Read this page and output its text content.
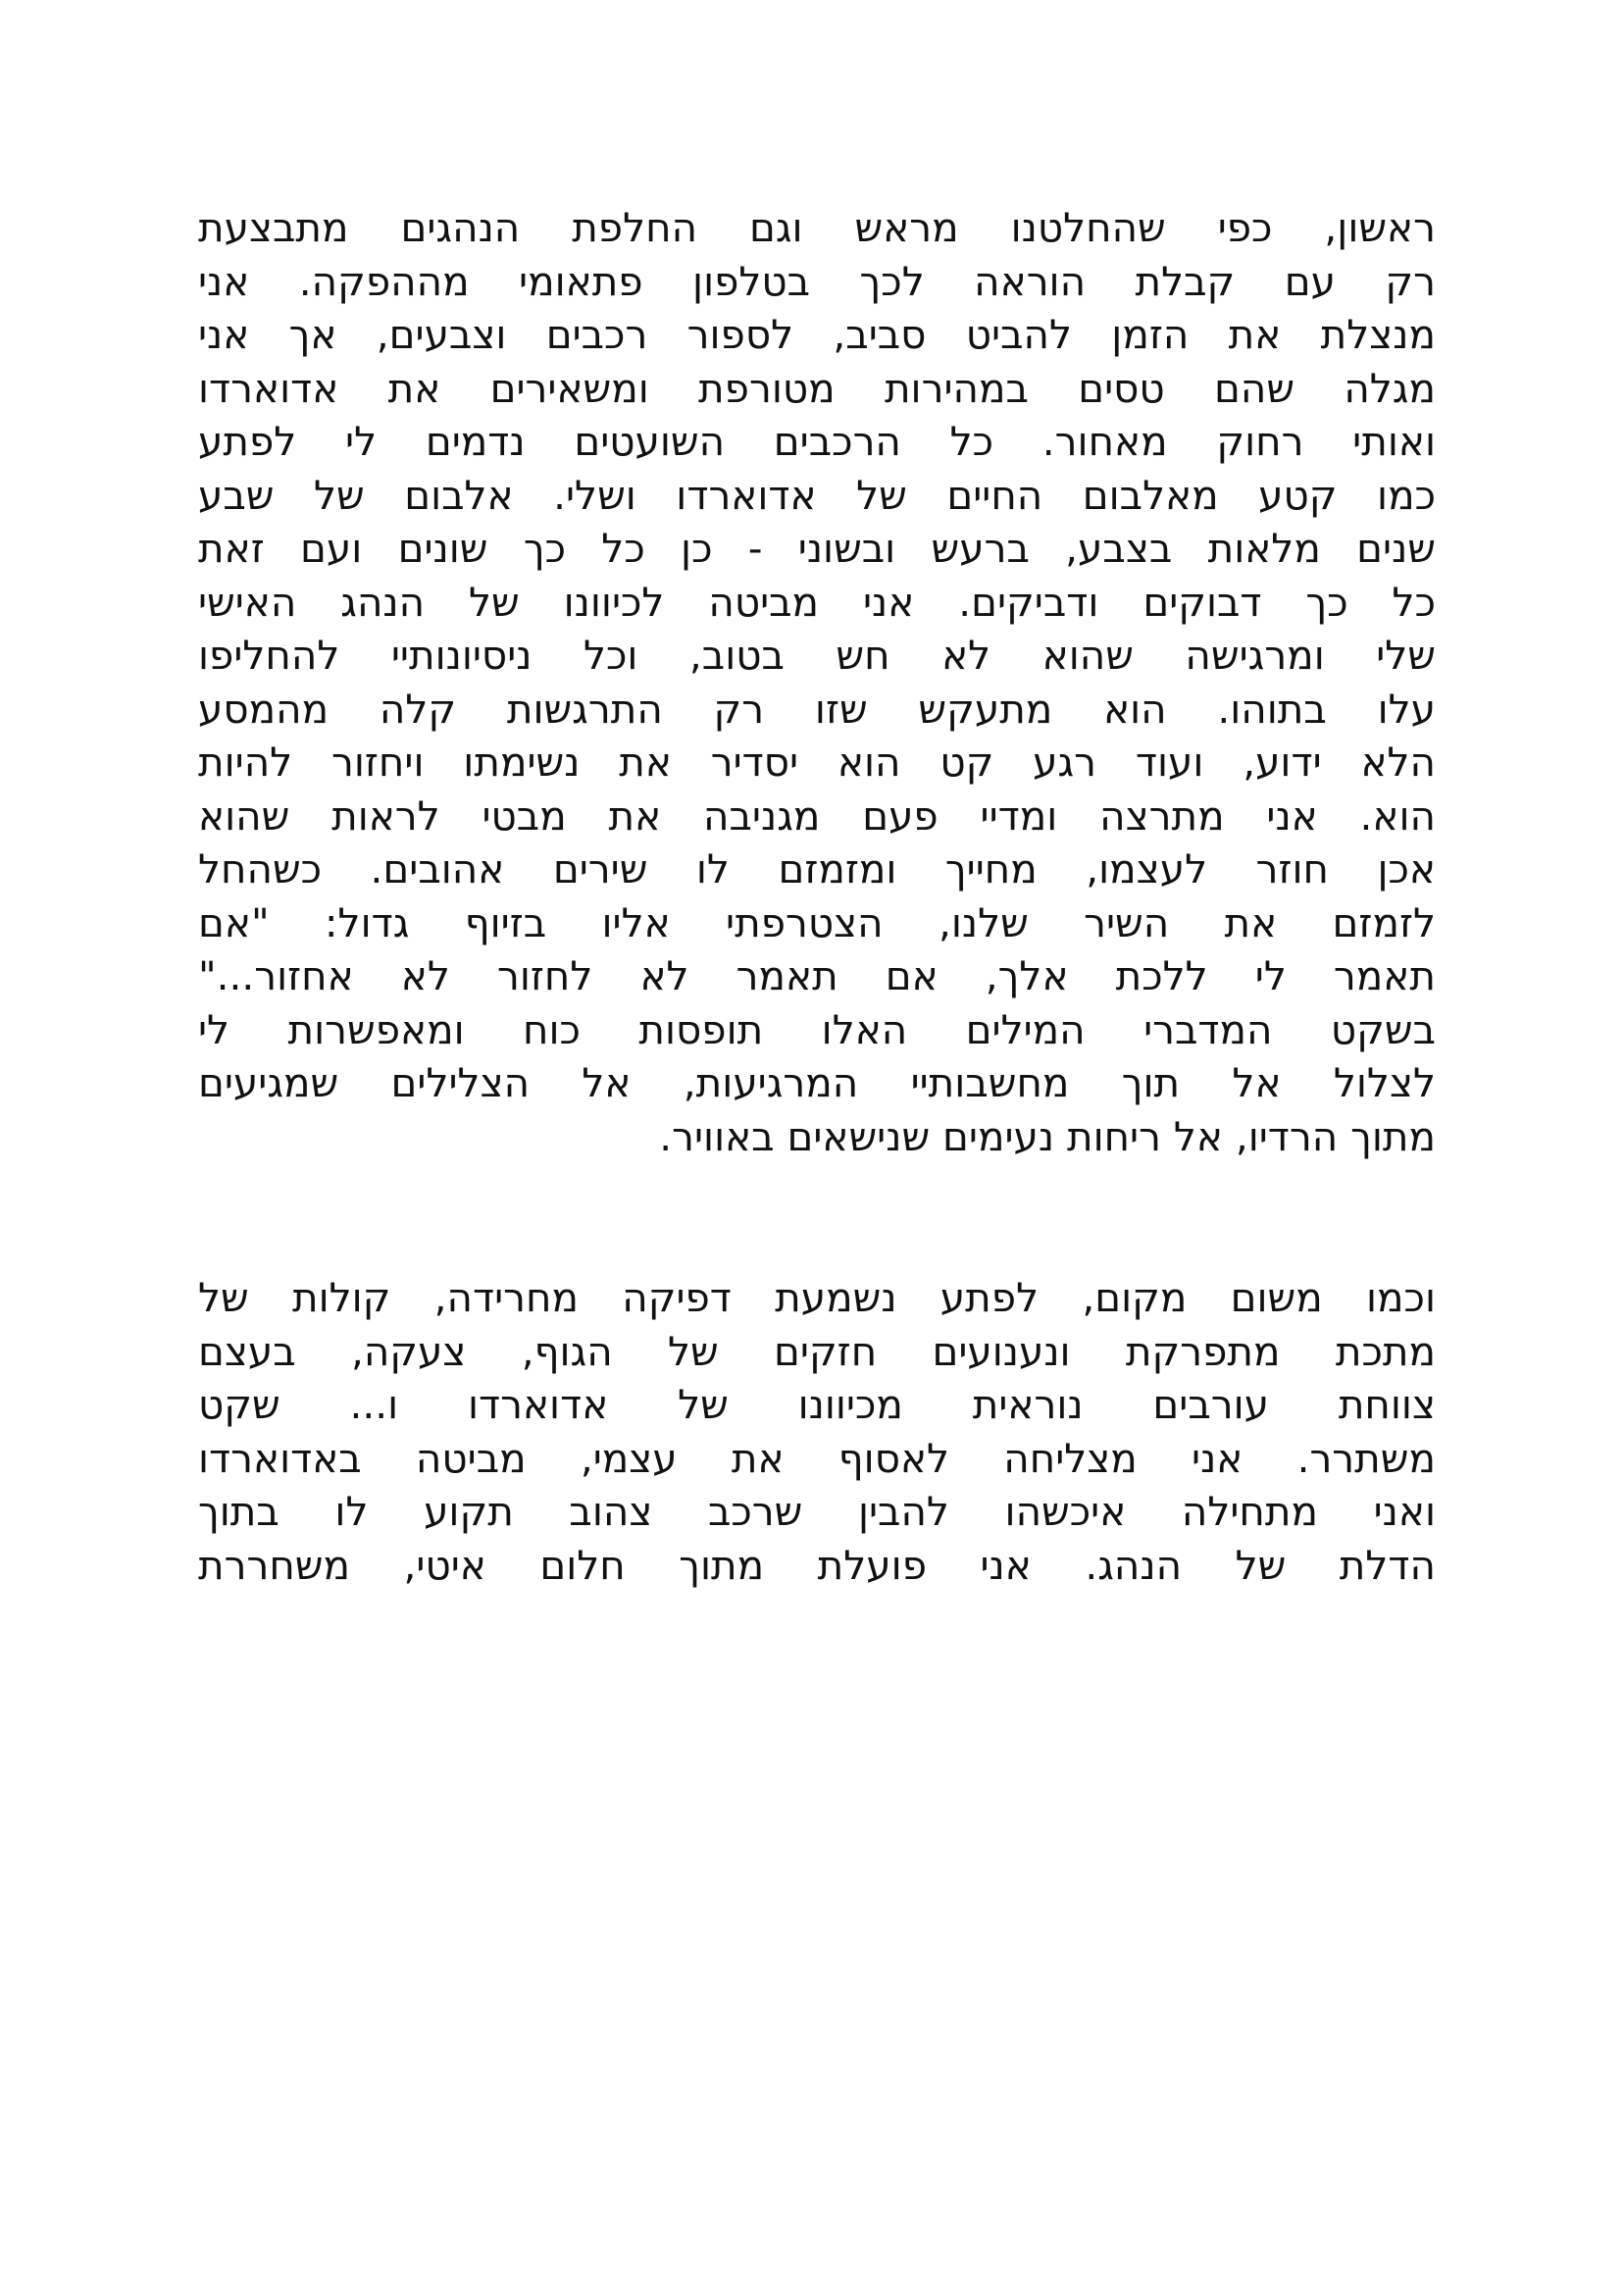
ראשון, כפי שהחלטנו מראש וגם החלפת הנהגים מתבצעת
רק עם קבלת הוראה לכך בטלפון פתאומי מההפקה. אני
מנצלת את הזמן להביט סביב, לספור רכבים וצבעים, אך אני
מגלה שהם טסים במהירות מטורפת ומשאירים את אדוארדו
ואותי רחוק מאחור. כל הרכבים השועטים נדמים לי לפתע
כמו קטע מאלבום החיים של אדוארדו ושלי. אלבום של שבע
שנים מלאות בצבע, ברעש ובשוני - כן כל כך שונים ועם זאת
כל כך דבוקים ודביקים. אני מביטה לכיוונו של הנהג האישי
שלי ומרגישה שהוא לא חש בטוב, וכל ניסיונותיי להחליפו
עלו בתוהו. הוא מתעקש שזו רק התרגשות קלה מהמסע
הלא ידוע, ועוד רגע קט הוא יסדיר את נשימתו ויחזור להיות
הוא. אני מתרצה ומדיי פעם מגניבה את מבטי לראות שהוא
אכן חוזר לעצמו, מחייך ומזמזם לו שירים אהובים. כשהחל
לזמזם את השיר שלנו, הצטרפתי אליו בזיוף גדול: "אם
תאמר לי ללכת אלך, אם תאמר לא לחזור לא אחזור..."
בשקט המדברי המילים האלו תופסות כוח ומאפשרות לי
לצלול אל תוך מחשבותיי המרגיעות, אל הצלילים שמגיעים
מתוך הרדיו, אל ריחות נעימים שנישאים באוויר.

וכמו משום מקום, לפתע נשמעת דפיקה מחרידה, קולות של
מתכת מתפרקת ונענועים חזקים של הגוף, צעקה, בעצם
צווחת עורבים נוראית מכיוונו של אדוארדו ו... שקט
משתרר. אני מצליחה לאסוף את עצמי, מביטה באדוארדו
ואני מתחילה איכשהו להבין שרכב צהוב תקוע לו בתוך
הדלת של הנהג. אני פועלת מתוך חלום איטי, משחררת
